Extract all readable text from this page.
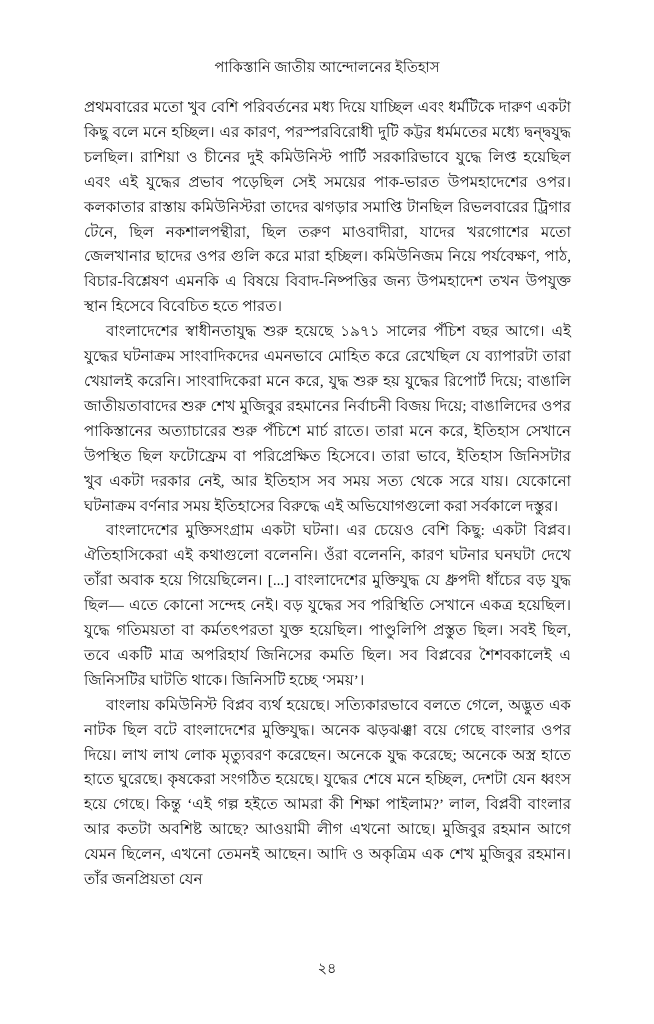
পাকিস্তানি জাতীয় আন্দোলনের ইতিহাস

প্রথমবারের মতো খুব বেশি পরিবর্তনের মধ্য দিয়ে যাচ্ছিল এবং ধর্মটিকে দারুণ একটা কিছু বলে মনে হচ্ছিল। এর কারণ, পরস্পরবিরোধী দুটি কট্টর ধর্মমতের মধ্যে দ্বন্দ্বযুদ্ধ চলছিল। রাশিয়া ও চীনের দুই কমিউনিস্ট পার্টি সরকারিভাবে যুদ্ধে লিপ্ত হয়েছিল এবং এই যুদ্ধের প্রভাব পড়েছিল সেই সময়ের পাক-ভারত উপমহাদেশের ওপর। কলকাতার রাস্তায় কমিউনিস্টরা তাদের ঝগড়ার সমাপ্তি টানছিল রিভলবারের ট্রিগার টেনে, ছিল নকশালপন্থীরা, ছিল তরুণ মাওবাদীরা, যাদের খরগোশের মতো জেলখানার ছাদের ওপর গুলি করে মারা হচ্ছিল। কমিউনিজম নিয়ে পর্যবেক্ষণ, পাঠ, বিচার-বিশ্লেষণ এমনকি এ বিষয়ে বিবাদ-নিষ্পত্তির জন্য উপমহাদেশ তখন উপযুক্ত স্থান হিসেবে বিবেচিত হতে পারত।

বাংলাদেশের স্বাধীনতাযুদ্ধ শুরু হয়েছে ১৯৭১ সালের পঁচিশ বছর আগে। এই যুদ্ধের ঘটনাক্রম সাংবাদিকদের এমনভাবে মোহিত করে রেখেছিল যে ব্যাপারটা তারা খেয়ালই করেনি। সাংবাদিকেরা মনে করে, যুদ্ধ শুরু হয় যুদ্ধের রিপোর্ট দিয়ে; বাঙালি জাতীয়তাবাদের শুরু শেখ মুজিবুর রহমানের নির্বাচনী বিজয় দিয়ে; বাঙালিদের ওপর পাকিস্তানের অত্যাচারের শুরু পঁচিশে মার্চ রাতে। তারা মনে করে, ইতিহাস সেখানে উপস্থিত ছিল ফটোফ্রেম বা পরিপ্রেক্ষিত হিসেবে। তারা ভাবে, ইতিহাস জিনিসটার খুব একটা দরকার নেই, আর ইতিহাস সব সময় সত্য থেকে সরে যায়। যেকোনো ঘটনাক্রম বর্ণনার সময় ইতিহাসের বিরুদ্ধে এই অভিযোগগুলো করা সর্বকালে দস্তুর।

বাংলাদেশের মুক্তিসংগ্রাম একটা ঘটনা। এর চেয়েও বেশি কিছু: একটা বিপ্লব। ঐতিহাসিকেরা এই কথাগুলো বলেননি। ওঁরা বলেননি, কারণ ঘটনার ঘনঘটা দেখে তাঁরা অবাক হয়ে গিয়েছিলেন। [...] বাংলাদেশের মুক্তিযুদ্ধ যে ধ্রুপদী ধাঁচের বড় যুদ্ধ ছিল— এতে কোনো সন্দেহ নেই। বড় যুদ্ধের সব পরিস্থিতি সেখানে একত্র হয়েছিল। যুদ্ধে গতিময়তা বা কর্মতৎপরতা যুক্ত হয়েছিল। পাণ্ডুলিপি প্রস্তুত ছিল। সবই ছিল, তবে একটি মাত্র অপরিহার্য জিনিসের কমতি ছিল। সব বিপ্লবের শৈশবকালেই এ জিনিসটির ঘাটতি থাকে। জিনিসটি হচ্ছে ‘সময়’।

বাংলায় কমিউনিস্ট বিপ্লব ব্যর্থ হয়েছে। সত্যিকারভাবে বলতে গেলে, অদ্ভুত এক নাটক ছিল বটে বাংলাদেশের মুক্তিযুদ্ধ। অনেক ঝড়ঝঞ্ঝা বয়ে গেছে বাংলার ওপর দিয়ে। লাখ লাখ লোক মৃত্যুবরণ করেছেন। অনেকে যুদ্ধ করেছে; অনেকে অস্ত্র হাতে হাতে ঘুরেছে। কৃষকেরা সংগঠিত হয়েছে। যুদ্ধের শেষে মনে হচ্ছিল, দেশটা যেন ধ্বংস হয়ে গেছে। কিন্তু ‘এই গল্প হইতে আমরা কী শিক্ষা পাইলাম?’ লাল, বিপ্লবী বাংলার আর কতটা অবশিষ্ট আছে? আওয়ামী লীগ এখনো আছে। মুজিবুর রহমান আগে যেমন ছিলেন, এখনো তেমনই আছেন। আদি ও অকৃত্রিম এক শেখ মুজিবুর রহমান। তাঁর জনপ্রিয়তা যেন

২৪
